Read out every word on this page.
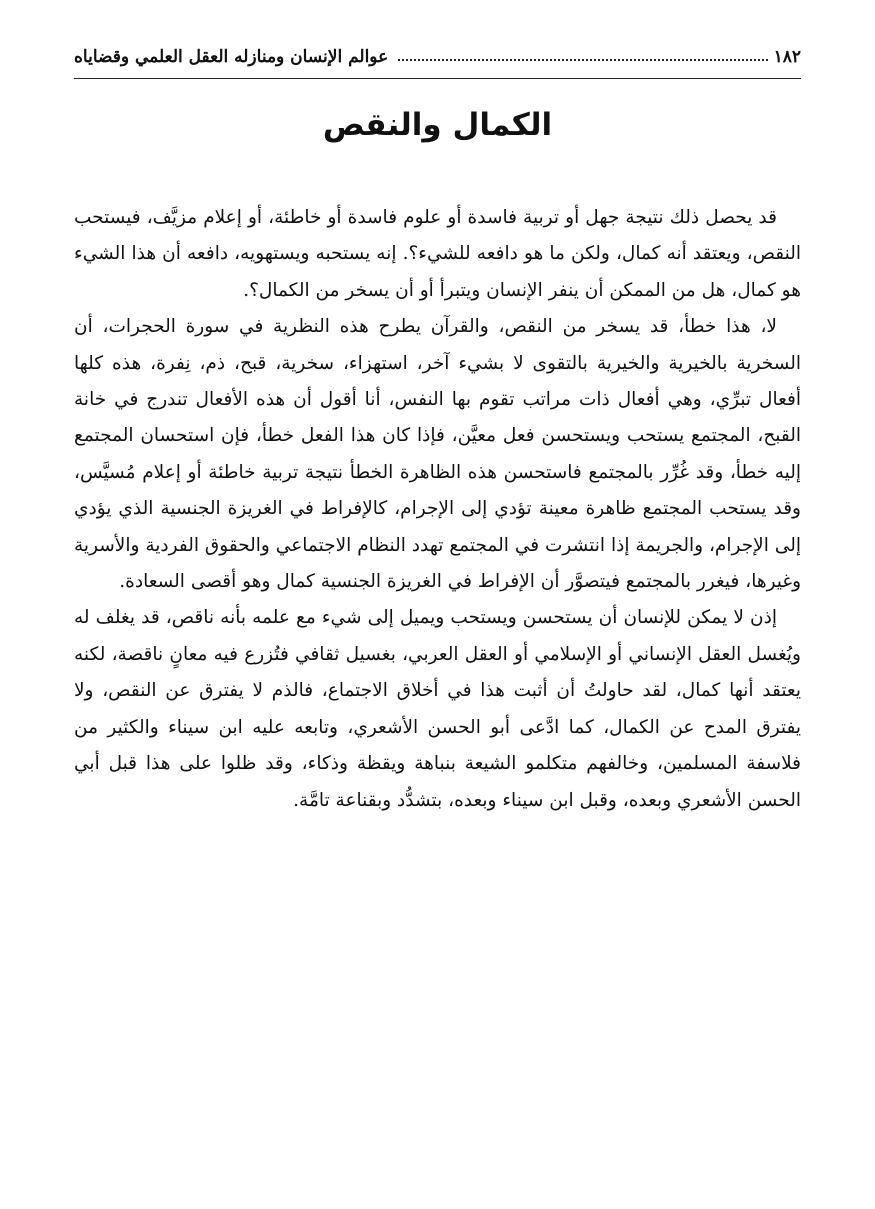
١٨٢
عوالم الإنسان ومنازله العقل العلمي وقضاياه
الكمال والنقص

قد يحصل ذلك نتيجة جهل أو تربية فاسدة أو علوم فاسدة أو خاطئة، أو إعلام مزيَّف، فيستحب النقص، ويعتقد أنه كمال، ولكن ما هو دافعه للشيء؟. إنه يستحبه ويستهويه، دافعه أن هذا الشيء هو كمال، هل من الممكن أن ينفر الإنسان ويتبرأ أو أن يسخر من الكمال؟.

لا، هذا خطأ، قد يسخر من النقص، والقرآن يطرح هذه النظرية في سورة الحجرات، أن السخرية بالخيرية والخيرية بالتقوى لا بشيء آخر، استهزاء، سخرية، قبح، ذم، نِفرة، هذه كلها أفعال تبرِّي، وهي أفعال ذات مراتب تقوم بها النفس، أنا أقول أن هذه الأفعال تندرج في خانة القبح، المجتمع يستحب ويستحسن فعل معيَّن، فإذا كان هذا الفعل خطأ، فإن استحسان المجتمع إليه خطأ، وقد غُرِّر بالمجتمع فاستحسن هذه الظاهرة الخطأ نتيجة تربية خاطئة أو إعلام مُسيَّس، وقد يستحب المجتمع ظاهرة معينة تؤدي إلى الإجرام، كالإفراط في الغريزة الجنسية الذي يؤدي إلى الإجرام، والجريمة إذا انتشرت في المجتمع تهدد النظام الاجتماعي والحقوق الفردية والأسرية وغيرها، فيغرر بالمجتمع فيتصوَّر أن الإفراط في الغريزة الجنسية كمال وهو أقصى السعادة.

إذن لا يمكن للإنسان أن يستحسن ويستحب ويميل إلى شيء مع علمه بأنه ناقص، قد يغلف له ويُغسل العقل الإنساني أو الإسلامي أو العقل العربي، بغسيل ثقافي فتُزرع فيه معانٍ ناقصة، لكنه يعتقد أنها كمال، لقد حاولتُ أن أثبت هذا في أخلاق الاجتماع، فالذم لا يفترق عن النقص، ولا يفترق المدح عن الكمال، كما ادَّعى أبو الحسن الأشعري، وتابعه عليه ابن سيناء والكثير من فلاسفة المسلمين، وخالفهم متكلمو الشيعة بنباهة ويقظة وذكاء، وقد ظلوا على هذا قبل أبي الحسن الأشعري وبعده، وقبل ابن سيناء وبعده، بتشدُّد وبقناعة تامَّة.
